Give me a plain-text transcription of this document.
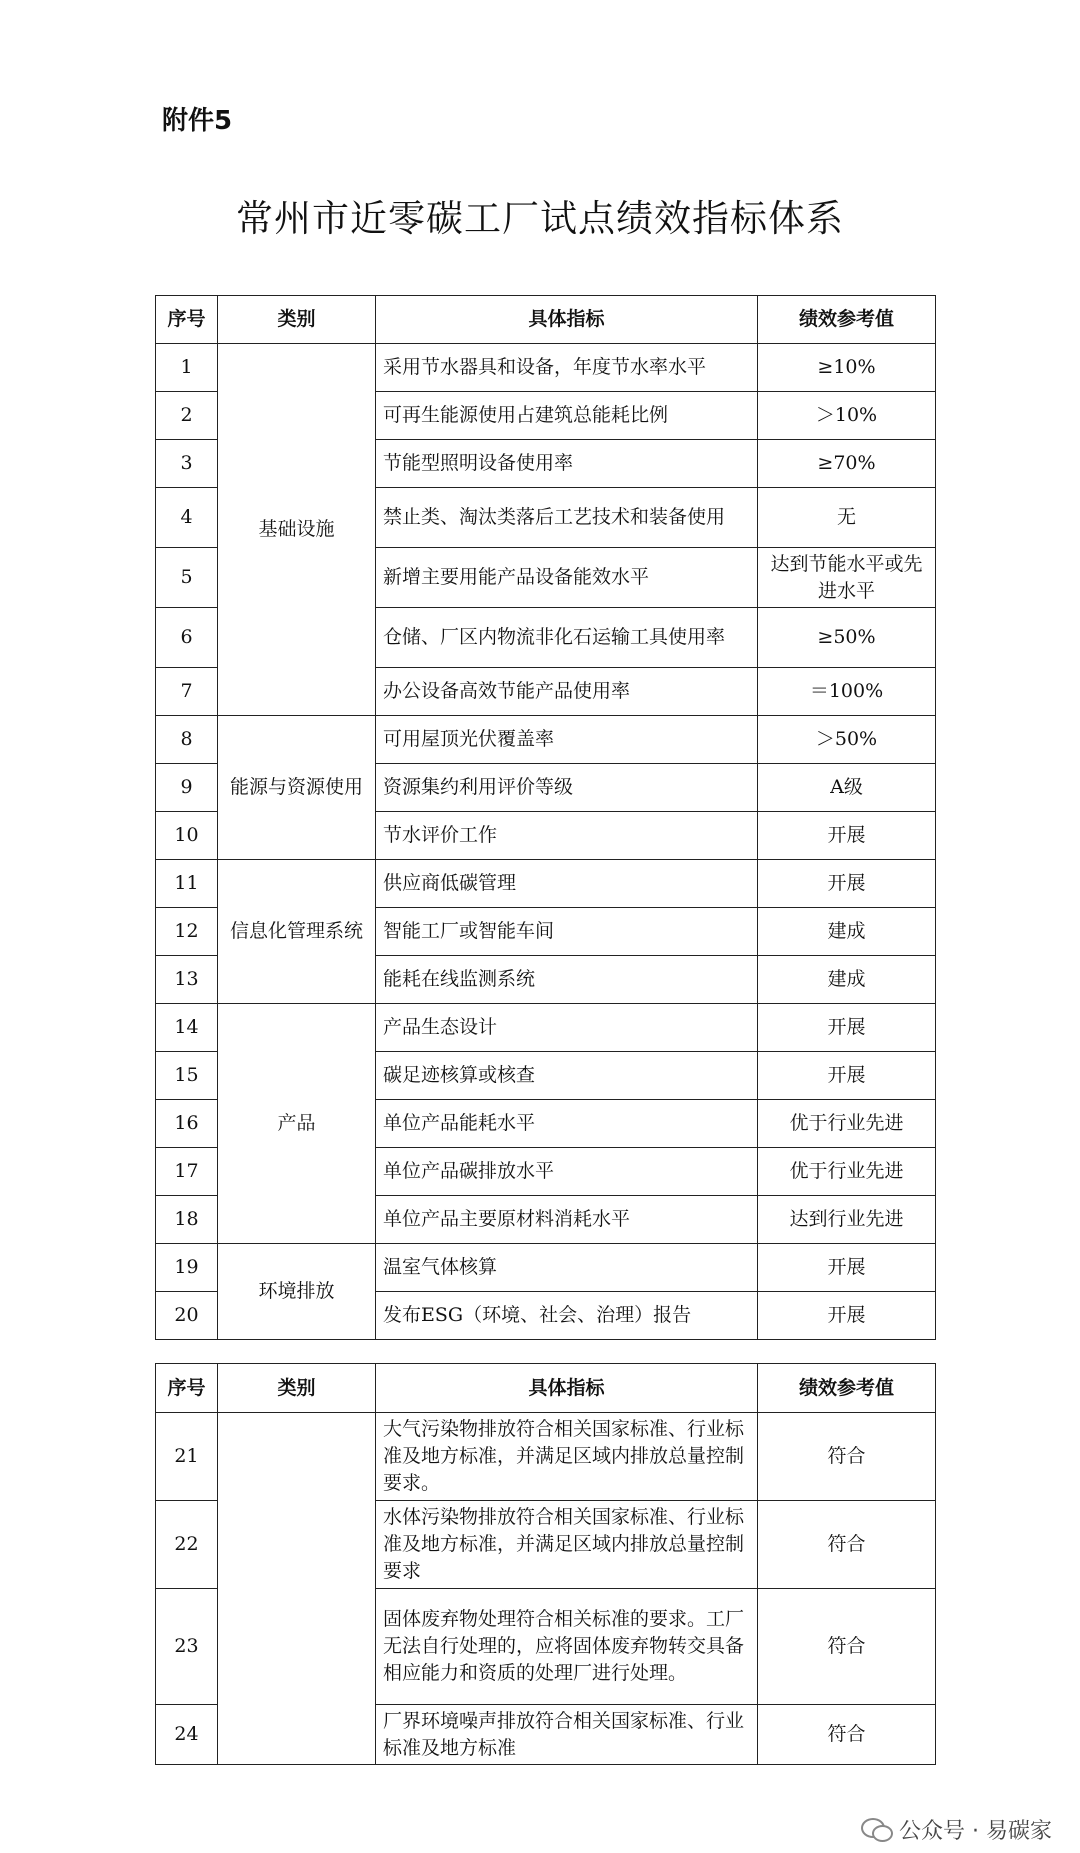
附件5
常州市近零碳工厂试点绩效指标体系
序号	类别	具体指标	绩效参考值
1	基础设施	采用节水器具和设备，年度节水率水平	≥10%
2		可再生能源使用占建筑总能耗比例	＞10%
3		节能型照明设备使用率	≥70%
4		禁止类、淘汰类落后工艺技术和装备使用	无
5		新增主要用能产品设备能效水平	达到节能水平或先进水平
6		仓储、厂区内物流非化石运输工具使用率	≥50%
7		办公设备高效节能产品使用率	＝100%
8	能源与资源使用	可用屋顶光伏覆盖率	＞50%
9		资源集约利用评价等级	A级
10		节水评价工作	开展
11	信息化管理系统	供应商低碳管理	开展
12		智能工厂或智能车间	建成
13		能耗在线监测系统	建成
14	产品	产品生态设计	开展
15		碳足迹核算或核查	开展
16		单位产品能耗水平	优于行业先进
17		单位产品碳排放水平	优于行业先进
18		单位产品主要原材料消耗水平	达到行业先进
19	环境排放	温室气体核算	开展
20		发布ESG（环境、社会、治理）报告	开展
序号	类别	具体指标	绩效参考值
21		大气污染物排放符合相关国家标准、行业标准及地方标准，并满足区域内排放总量控制要求。	符合
22		水体污染物排放符合相关国家标准、行业标准及地方标准，并满足区域内排放总量控制要求	符合
23		固体废弃物处理符合相关标准的要求。工厂无法自行处理的，应将固体废弃物转交具备相应能力和资质的处理厂进行处理。	符合
24		厂界环境噪声排放符合相关国家标准、行业标准及地方标准	符合
公众号 · 易碳家
